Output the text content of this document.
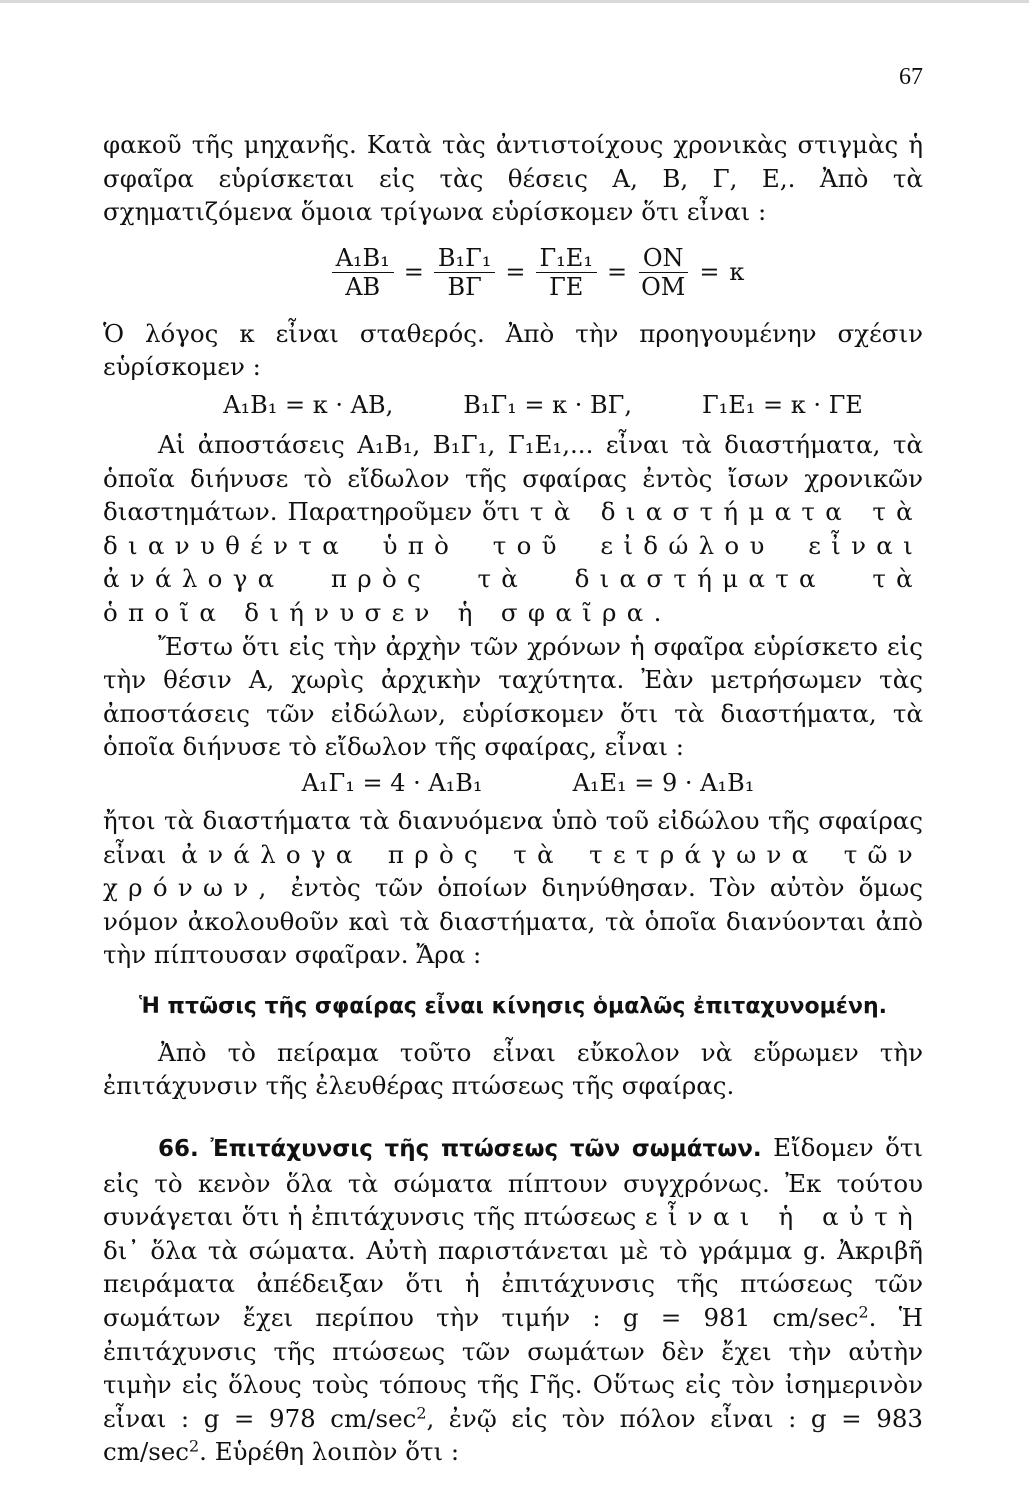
67

φακοῦ τῆς μηχανῆς. Κατὰ τὰς ἀντιστοίχους χρονικὰς στιγμὰς ἡ σφαῖρα εὑρίσκεται εἰς τὰς θέσεις Α, Β, Γ, Ε,. Ἀπὸ τὰ σχηματιζόμενα ὅμοια τρίγωνα εὑρίσκομεν ὅτι εἶναι :

$\frac{\text{A₁B₁}}{AB} = \frac{\text{B₁Γ₁}}{B\Gamma} = \frac{\text{Γ₁E₁}}{\Gamma E} = \frac{ON}{OM} = \kappa$

Ὁ λόγος κ εἶναι σταθερός. Ἀπὸ τὴν προηγουμένην σχέσιν εὑρίσκομεν :

A₁B₁ = κ · AB,	B₁Γ₁ = κ · BΓ,	Γ₁E₁ = κ · ΓE

Αἱ ἀποστάσεις A₁B₁, B₁Γ₁, Γ₁E₁,... εἶναι τὰ διαστήματα, τὰ ὁποῖα διήνυσε τὸ εἴδωλον τῆς σφαίρας ἐντὸς ἴσων χρονικῶν διαστημάτων. Παρατηροῦμεν ὅτι τὰ διαστήματα τὰ διανυθέντα ὑπὸ τοῦ εἰδώλου εἶναι ἀνάλογα πρὸς τὰ διαστήματα τὰ ὁποῖα διήνυσεν ἡ σφαῖρα.

Ἔστω ὅτι εἰς τὴν ἀρχὴν τῶν χρόνων ἡ σφαῖρα εὑρίσκετο εἰς τὴν θέσιν Α, χωρὶς ἀρχικὴν ταχύτητα. Ἐὰν μετρήσωμεν τὰς ἀποστάσεις τῶν εἰδώλων, εὑρίσκομεν ὅτι τὰ διαστήματα, τὰ ὁποῖα διήνυσε τὸ εἴδωλον τῆς σφαίρας, εἶναι :

A₁Γ₁ = 4 · A₁B₁	A₁E₁ = 9 · A₁B₁

ἤτοι τὰ διαστήματα τὰ διανυόμενα ὑπὸ τοῦ εἰδώλου τῆς σφαίρας εἶναι ἀνάλογα πρὸς τὰ τετράγωνα τῶν χρόνων, ἐντὸς τῶν ὁποίων διηνύθησαν. Τὸν αὐτὸν ὅμως νόμον ἀκολουθοῦν καὶ τὰ διαστήματα, τὰ ὁποῖα διανύονται ἀπὸ τὴν πίπτουσαν σφαῖραν. Ἄρα :

Ἡ πτῶσις τῆς σφαίρας εἶναι κίνησις ὁμαλῶς ἐπιταχυνομένη.

Ἀπὸ τὸ πείραμα τοῦτο εἶναι εὔκολον νὰ εὕρωμεν τὴν ἐπιτάχυνσιν τῆς ἐλευθέρας πτώσεως τῆς σφαίρας.

66. Ἐπιτάχυνσις τῆς πτώσεως τῶν σωμάτων. Εἴδομεν ὅτι εἰς τὸ κενὸν ὅλα τὰ σώματα πίπτουν συγχρόνως. Ἐκ τούτου συνάγεται ὅτι ἡ ἐπιτάχυνσις τῆς πτώσεως εἶναι ἡ αὐτὴ δι᾽ ὅλα τὰ σώματα. Αὐτὴ παριστάνεται μὲ τὸ γράμμα g. Ἀκριβῆ πειράματα ἀπέδειξαν ὅτι ἡ ἐπιτάχυνσις τῆς πτώσεως τῶν σωμάτων ἔχει περίπου τὴν τιμήν : g = 981 $cm/\sec^2$. Ἡ ἐπιτάχυνσις τῆς πτώσεως τῶν σωμάτων δὲν ἔχει τὴν αὐτὴν τιμὴν εἰς ὅλους τοὺς τόπους τῆς Γῆς. Οὕτως εἰς τὸν ἰσημερινὸν εἶναι : g = 978 $cm/\sec^2$, ἐνῷ εἰς τὸν πόλον εἶναι : g = 983 $cm/\sec^2$. Εὑρέθη λοιπὸν ὅτι :
